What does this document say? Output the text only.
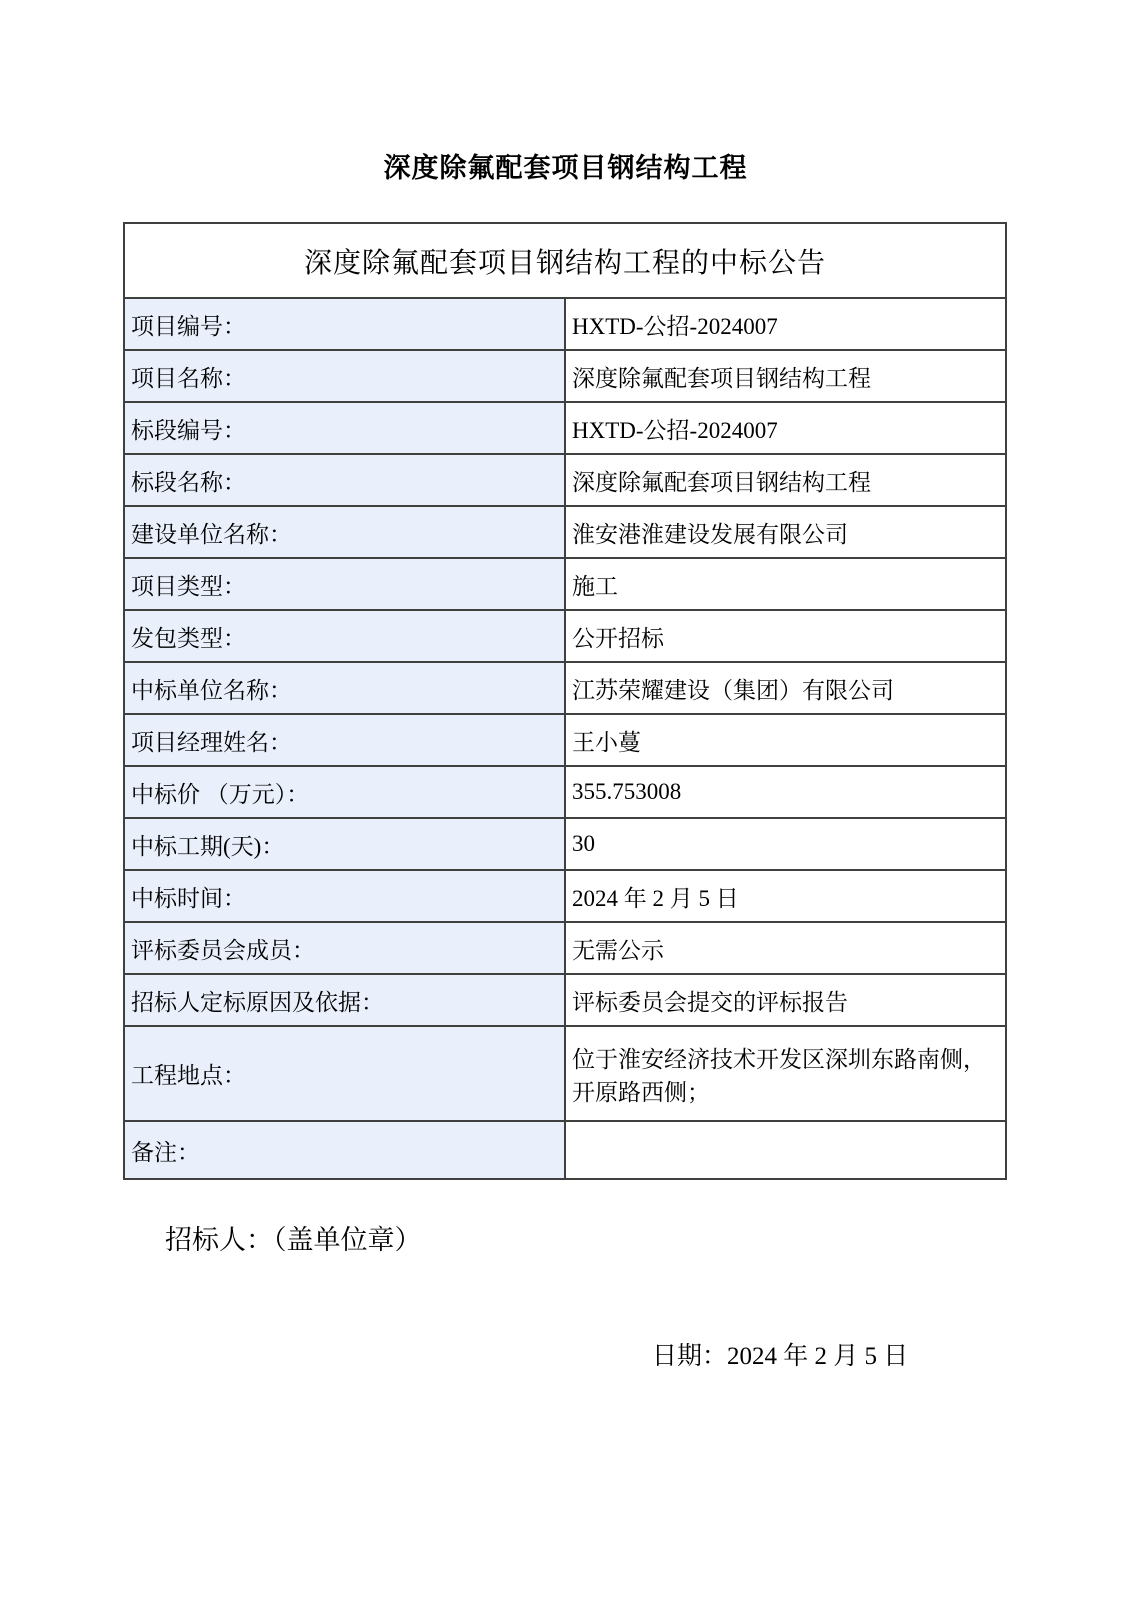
深度除氟配套项目钢结构工程
深度除氟配套项目钢结构工程的中标公告	
项目编号：	HXTD-公招-2024007
项目名称：	深度除氟配套项目钢结构工程
标段编号：	HXTD-公招-2024007
标段名称：	深度除氟配套项目钢结构工程
建设单位名称：	淮安港淮建设发展有限公司
项目类型：	施工
发包类型：	公开招标
中标单位名称：	江苏荣耀建设（集团）有限公司
项目经理姓名：	王小蔓
中标价 （万元）：	355.753008
中标工期(天)：	30
中标时间：	2024 年 2 月 5 日
评标委员会成员：	无需公示
招标人定标原因及依据：	评标委员会提交的评标报告
工程地点：	位于淮安经济技术开发区深圳东路南侧，开原路西侧；
备注：	
招标人：（盖单位章）
日期：2024 年 2 月 5 日
